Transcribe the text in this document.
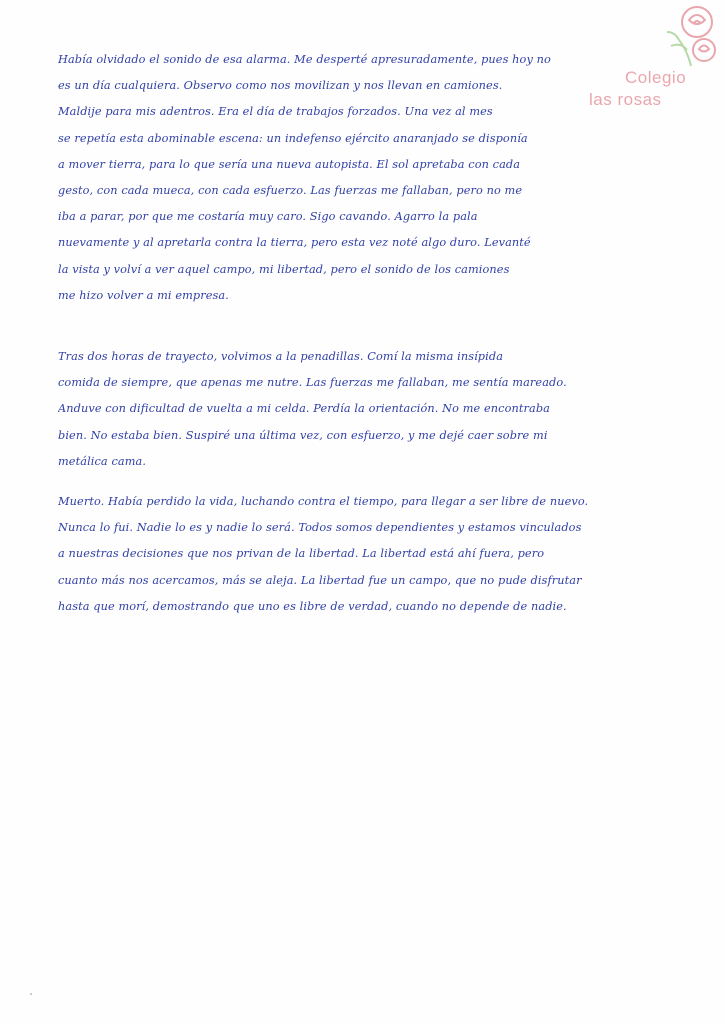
Colegio
las rosas
Había olvidado el sonido de esa alarma. Me desperté apresuradamente, pues hoy no
es un día cualquiera. Observo como nos movilizan y nos llevan en camiones.
Maldije para mis adentros. Era el día de trabajos forzados. Una vez al mes
se repetía esta abominable escena: un indefenso ejército anaranjado se disponía
a mover tierra, para lo que sería una nueva autopista. El sol apretaba con cada
gesto, con cada mueca, con cada esfuerzo. Las fuerzas me fallaban, pero no me
iba a parar, por que me costaría muy caro. Sigo cavando. Agarro la pala
nuevamente y al apretarla contra la tierra, pero esta vez noté algo duro. Levanté
la vista y volví a ver aquel campo, mi libertad, pero el sonido de los camiones
me hizo volver a mi empresa.
Tras dos horas de trayecto, volvimos a la penadillas. Comí la misma insípida
comida de siempre, que apenas me nutre. Las fuerzas me fallaban, me sentía mareado.
Anduve con dificultad de vuelta a mi celda. Perdía la orientación. No me encontraba
bien. No estaba bien. Suspiré una última vez, con esfuerzo, y me dejé caer sobre mi
metálica cama.
Muerto. Había perdido la vida, luchando contra el tiempo, para llegar a ser libre de nuevo.
Nunca lo fui. Nadie lo es y nadie lo será. Todos somos dependientes y estamos vinculados
a nuestras decisiones que nos privan de la libertad. La libertad está ahí fuera, pero
cuanto más nos acercamos, más se aleja. La libertad fue un campo, que no pude disfrutar
hasta que morí, demostrando que uno es libre de verdad, cuando no depende de nadie.
